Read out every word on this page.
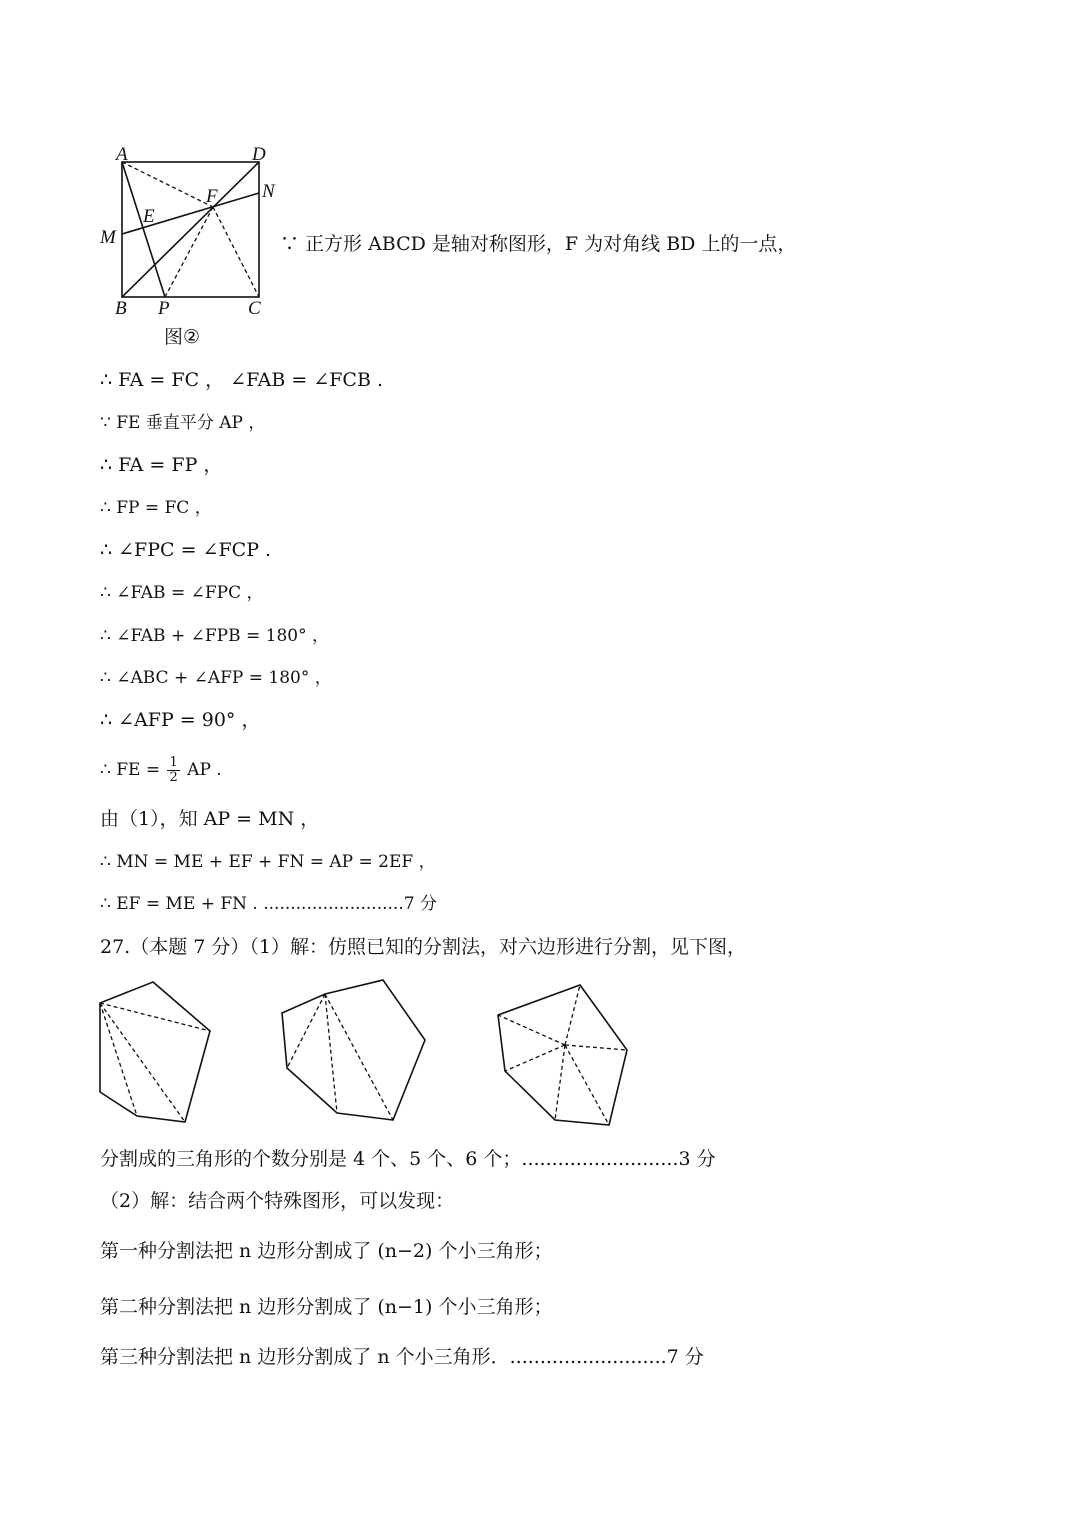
A	D
N
F
E
M
B P	C
图②
∵ 正方形 ABCD 是轴对称图形，F 为对角线 BD 上的一点，
∴ FA = FC ， ∠FAB = ∠FCB .
∵ FE 垂直平分 AP ，
∴ FA = FP ，
∴ FP = FC ，
∴ ∠FPC = ∠FCP .
∴ ∠FAB = ∠FPC ，
∴ ∠FAB + ∠FPB = 180° ，
∴ ∠ABC + ∠AFP = 180° ，
∴ ∠AFP = 90° ，
∴ FE = $\frac{1}{2}$ AP .
由（1），知 AP = MN ，
∴ MN = ME + EF + FN = AP = 2EF ，
∴ EF = ME + FN . ..........................7 分
27.（本题 7 分）（1）解：仿照已知的分割法，对六边形进行分割，见下图，
分割成的三角形的个数分别是 4 个、5 个、6 个；..........................3 分
（2）解：结合两个特殊图形，可以发现：
第一种分割法把 n 边形分割成了 (n−2) 个小三角形；
第二种分割法把 n 边形分割成了 (n−1) 个小三角形；
第三种分割法把 n 边形分割成了 n 个小三角形．..........................7 分
